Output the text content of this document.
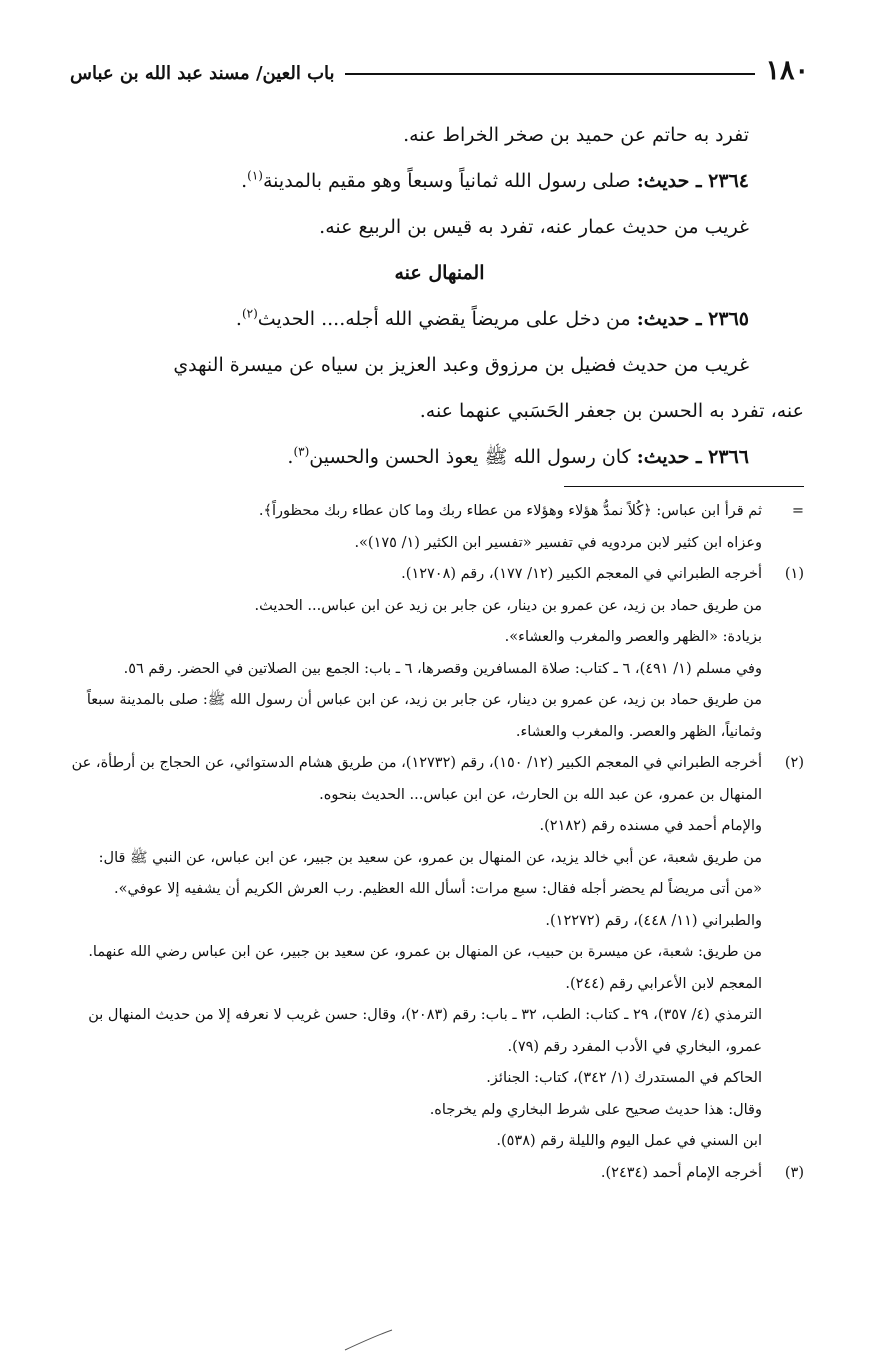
١٨٠
باب العين/ مسند عبد الله بن عباس

تفرد به حاتم عن حميد بن صخر الخراط عنه.

٢٣٦٤ ـ حديث: صلى رسول الله ثمانياً وسبعاً وهو مقيم بالمدينة$^{(١)}$.

غريب من حديث عمار عنه، تفرد به قيس بن الربيع عنه.

المنهال عنه

٢٣٦٥ ـ حديث: من دخل على مريضاً يقضي الله أجله.... الحديث$^{(٢)}$.

غريب من حديث فضيل بن مرزوق وعبد العزيز بن سياه عن ميسرة النهدي

عنه، تفرد به الحسن بن جعفر الحَسَبي عنهما عنه.

٢٣٦٦ ـ حديث: كان رسول الله ﷺ يعوذ الحسن والحسين$^{(٣)}$.

=

ثم قرأ ابن عباس: ﴿كُلاً نمدُّ هؤلاء وهؤلاء من عطاء ربك وما كان عطاء ربك محظوراً﴾.

وعزاه ابن كثير لابن مردويه في تفسير «تفسير ابن الكثير (١/ ١٧٥)».

(١)

أخرجه الطبراني في المعجم الكبير (١٢/ ١٧٧)، رقم (١٢٧٠٨).

من طريق حماد بن زيد، عن عمرو بن دينار، عن جابر بن زيد عن ابن عباس... الحديث.

بزيادة: «الظهر والعصر والمغرب والعشاء».

وفي مسلم (١/ ٤٩١)، ٦ ـ كتاب: صلاة المسافرين وقصرها، ٦ ـ باب: الجمع بين الصلاتين في الحضر. رقم ٥٦.

من طريق حماد بن زيد، عن عمرو بن دينار، عن جابر بن زيد، عن ابن عباس أن رسول الله ﷺ: صلى بالمدينة سبعاً وثمانياً، الظهر والعصر. والمغرب والعشاء.

(٢)

أخرجه الطبراني في المعجم الكبير (١٢/ ١٥٠)، رقم (١٢٧٣٢)، من طريق هشام الدستوائي، عن الحجاج بن أرطأة، عن المنهال بن عمرو، عن عبد الله بن الحارث، عن ابن عباس... الحديث بنحوه.

والإمام أحمد في مسنده رقم (٢١٨٢).

من طريق شعبة، عن أبي خالد يزيد، عن المنهال بن عمرو، عن سعيد بن جبير، عن ابن عباس، عن النبي ﷺ قال: «من أتى مريضاً لم يحضر أجله فقال: سبع مرات: أسأل الله العظيم. رب العرش الكريم أن يشفيه إلا عوفي».

والطبراني (١١/ ٤٤٨)، رقم (١٢٢٧٢).

من طريق: شعبة، عن ميسرة بن حبيب، عن المنهال بن عمرو، عن سعيد بن جبير، عن ابن عباس رضي الله عنهما.

المعجم لابن الأعرابي رقم (٢٤٤).

الترمذي (٤/ ٣٥٧)، ٢٩ ـ كتاب: الطب، ٣٢ ـ باب: رقم (٢٠٨٣)، وقال: حسن غريب لا نعرفه إلا من حديث المنهال بن عمرو، البخاري في الأدب المفرد رقم (٧٩).

الحاكم في المستدرك (١/ ٣٤٢)، كتاب: الجنائز.

وقال: هذا حديث صحيح على شرط البخاري ولم يخرجاه.

ابن السني في عمل اليوم والليلة رقم (٥٣٨).

(٣)

أخرجه الإمام أحمد (٢٤٣٤).
